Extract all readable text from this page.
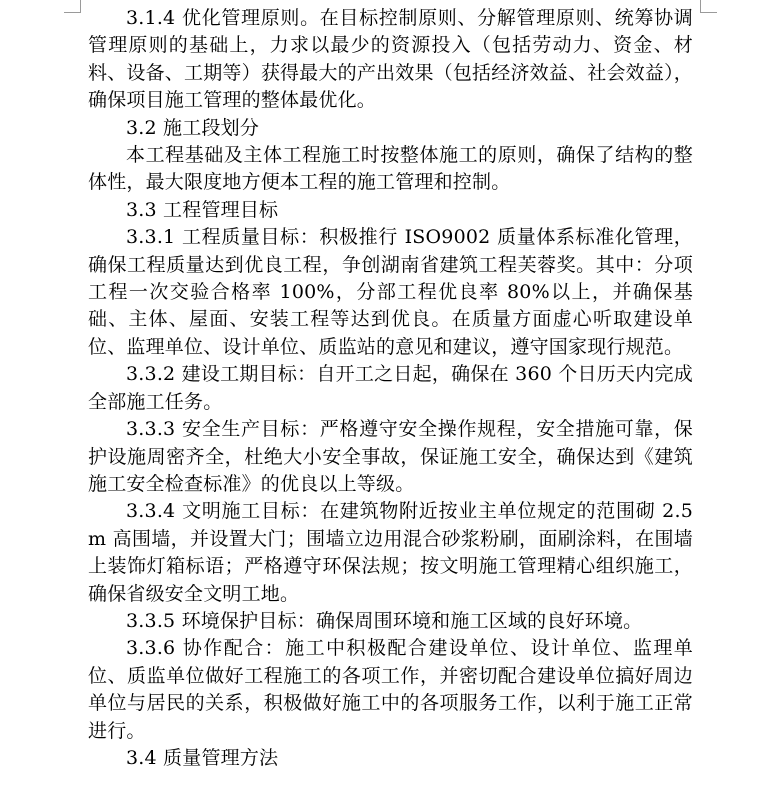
3.1.4 优化管理原则。在目标控制原则、分解管理原则、统筹协调管理原则的基础上，力求以最少的资源投入（包括劳动力、资金、材料、设备、工期等）获得最大的产出效果（包括经济效益、社会效益），确保项目施工管理的整体最优化。

3.2 施工段划分

本工程基础及主体工程施工时按整体施工的原则，确保了结构的整体性，最大限度地方便本工程的施工管理和控制。

3.3 工程管理目标

3.3.1 工程质量目标：积极推行 ISO9002 质量体系标准化管理，确保工程质量达到优良工程，争创湖南省建筑工程芙蓉奖。其中：分项工程一次交验合格率 100%，分部工程优良率 80%以上，并确保基础、主体、屋面、安装工程等达到优良。在质量方面虚心听取建设单位、监理单位、设计单位、质监站的意见和建议，遵守国家现行规范。

3.3.2 建设工期目标：自开工之日起，确保在 360 个日历天内完成全部施工任务。

3.3.3 安全生产目标：严格遵守安全操作规程，安全措施可靠，保护设施周密齐全，杜绝大小安全事故，保证施工安全，确保达到《建筑施工安全检查标准》的优良以上等级。

3.3.4 文明施工目标：在建筑物附近按业主单位规定的范围砌 2.5m 高围墙，并设置大门；围墙立边用混合砂浆粉刷，面刷涂料，在围墙上装饰灯箱标语；严格遵守环保法规；按文明施工管理精心组织施工，确保省级安全文明工地。

3.3.5 环境保护目标：确保周围环境和施工区域的良好环境。

3.3.6 协作配合：施工中积极配合建设单位、设计单位、监理单位、质监单位做好工程施工的各项工作，并密切配合建设单位搞好周边单位与居民的关系，积极做好施工中的各项服务工作，以利于施工正常进行。

3.4 质量管理方法
